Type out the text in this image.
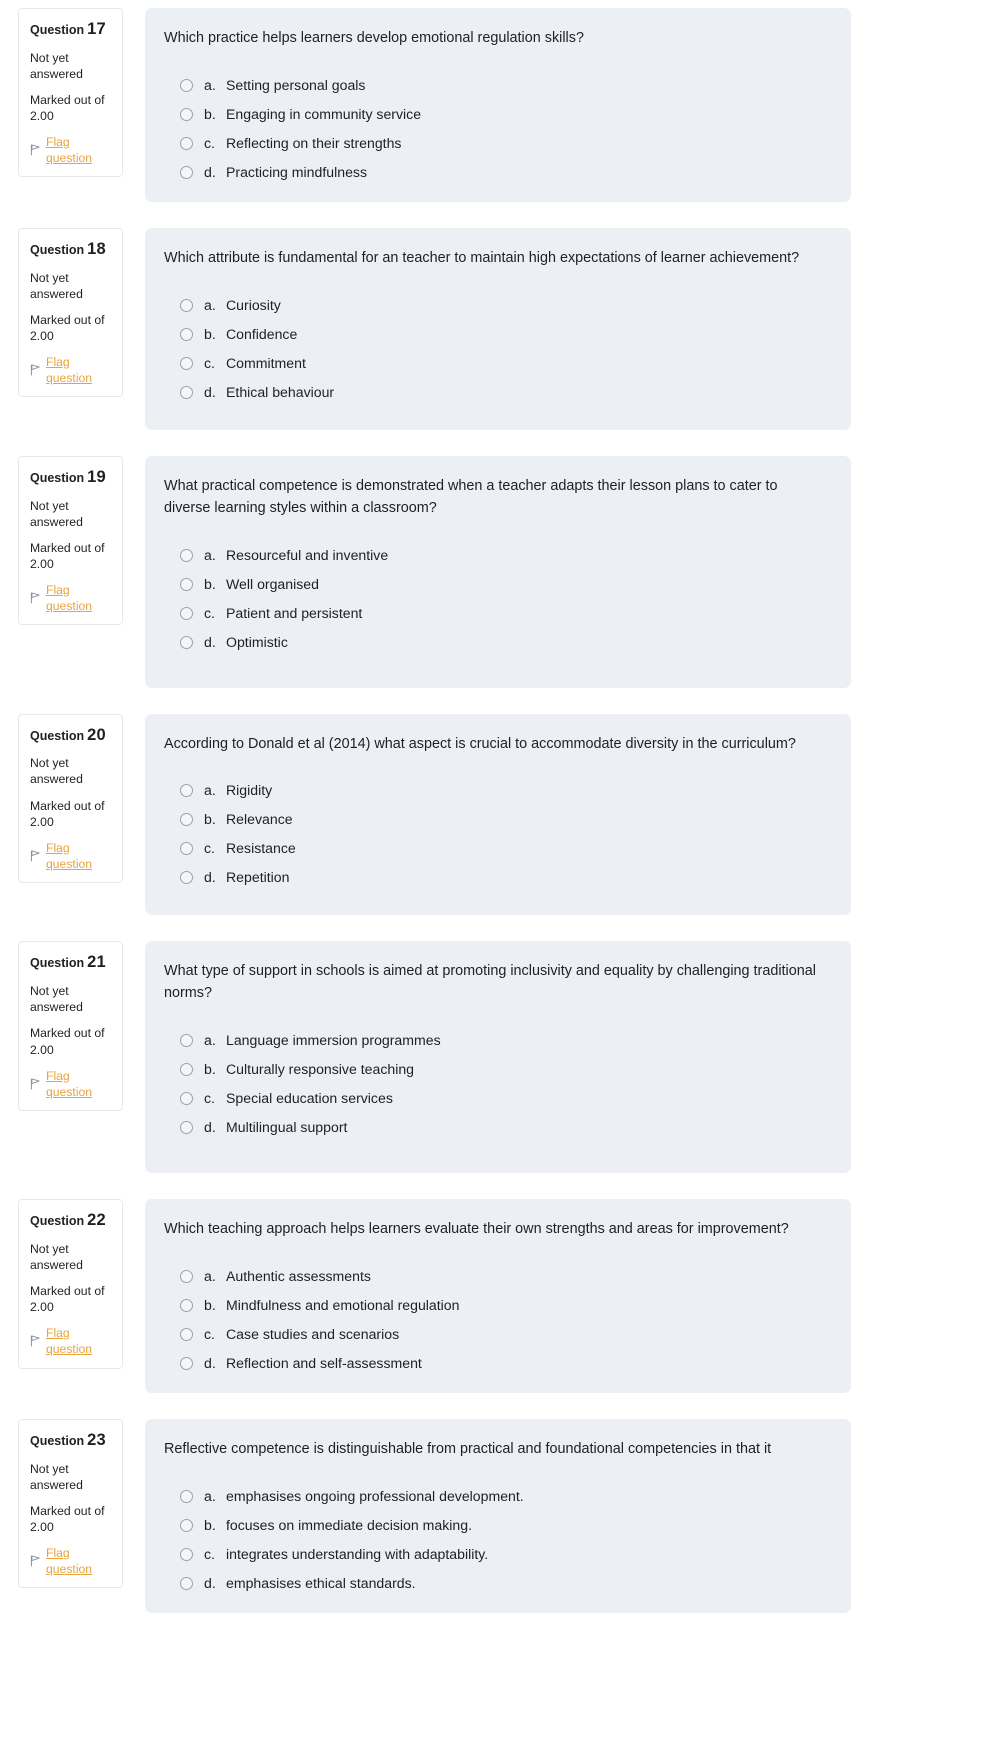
Question 17
Not yet answered
Marked out of 2.00
Flag question
Which practice helps learners develop emotional regulation skills?
a. Setting personal goals
b. Engaging in community service
c. Reflecting on their strengths
d. Practicing mindfulness
Question 18
Not yet answered
Marked out of 2.00
Flag question
Which attribute is fundamental for an teacher to maintain high expectations of learner achievement?
a. Curiosity
b. Confidence
c. Commitment
d. Ethical behaviour
Question 19
Not yet answered
Marked out of 2.00
Flag question
What practical competence is demonstrated when a teacher adapts their lesson plans to cater to diverse learning styles within a classroom?
a. Resourceful and inventive
b. Well organised
c. Patient and persistent
d. Optimistic
Question 20
Not yet answered
Marked out of 2.00
Flag question
According to Donald et al (2014) what aspect is crucial to accommodate diversity in the curriculum?
a. Rigidity
b. Relevance
c. Resistance
d. Repetition
Question 21
Not yet answered
Marked out of 2.00
Flag question
What type of support in schools is aimed at promoting inclusivity and equality by challenging traditional norms?
a. Language immersion programmes
b. Culturally responsive teaching
c. Special education services
d. Multilingual support
Question 22
Not yet answered
Marked out of 2.00
Flag question
Which teaching approach helps learners evaluate their own strengths and areas for improvement?
a. Authentic assessments
b. Mindfulness and emotional regulation
c. Case studies and scenarios
d. Reflection and self-assessment
Question 23
Not yet answered
Marked out of 2.00
Flag question
Reflective competence is distinguishable from practical and foundational competencies in that it
a. emphasises ongoing professional development.
b. focuses on immediate decision making.
c. integrates understanding with adaptability.
d. emphasises ethical standards.
